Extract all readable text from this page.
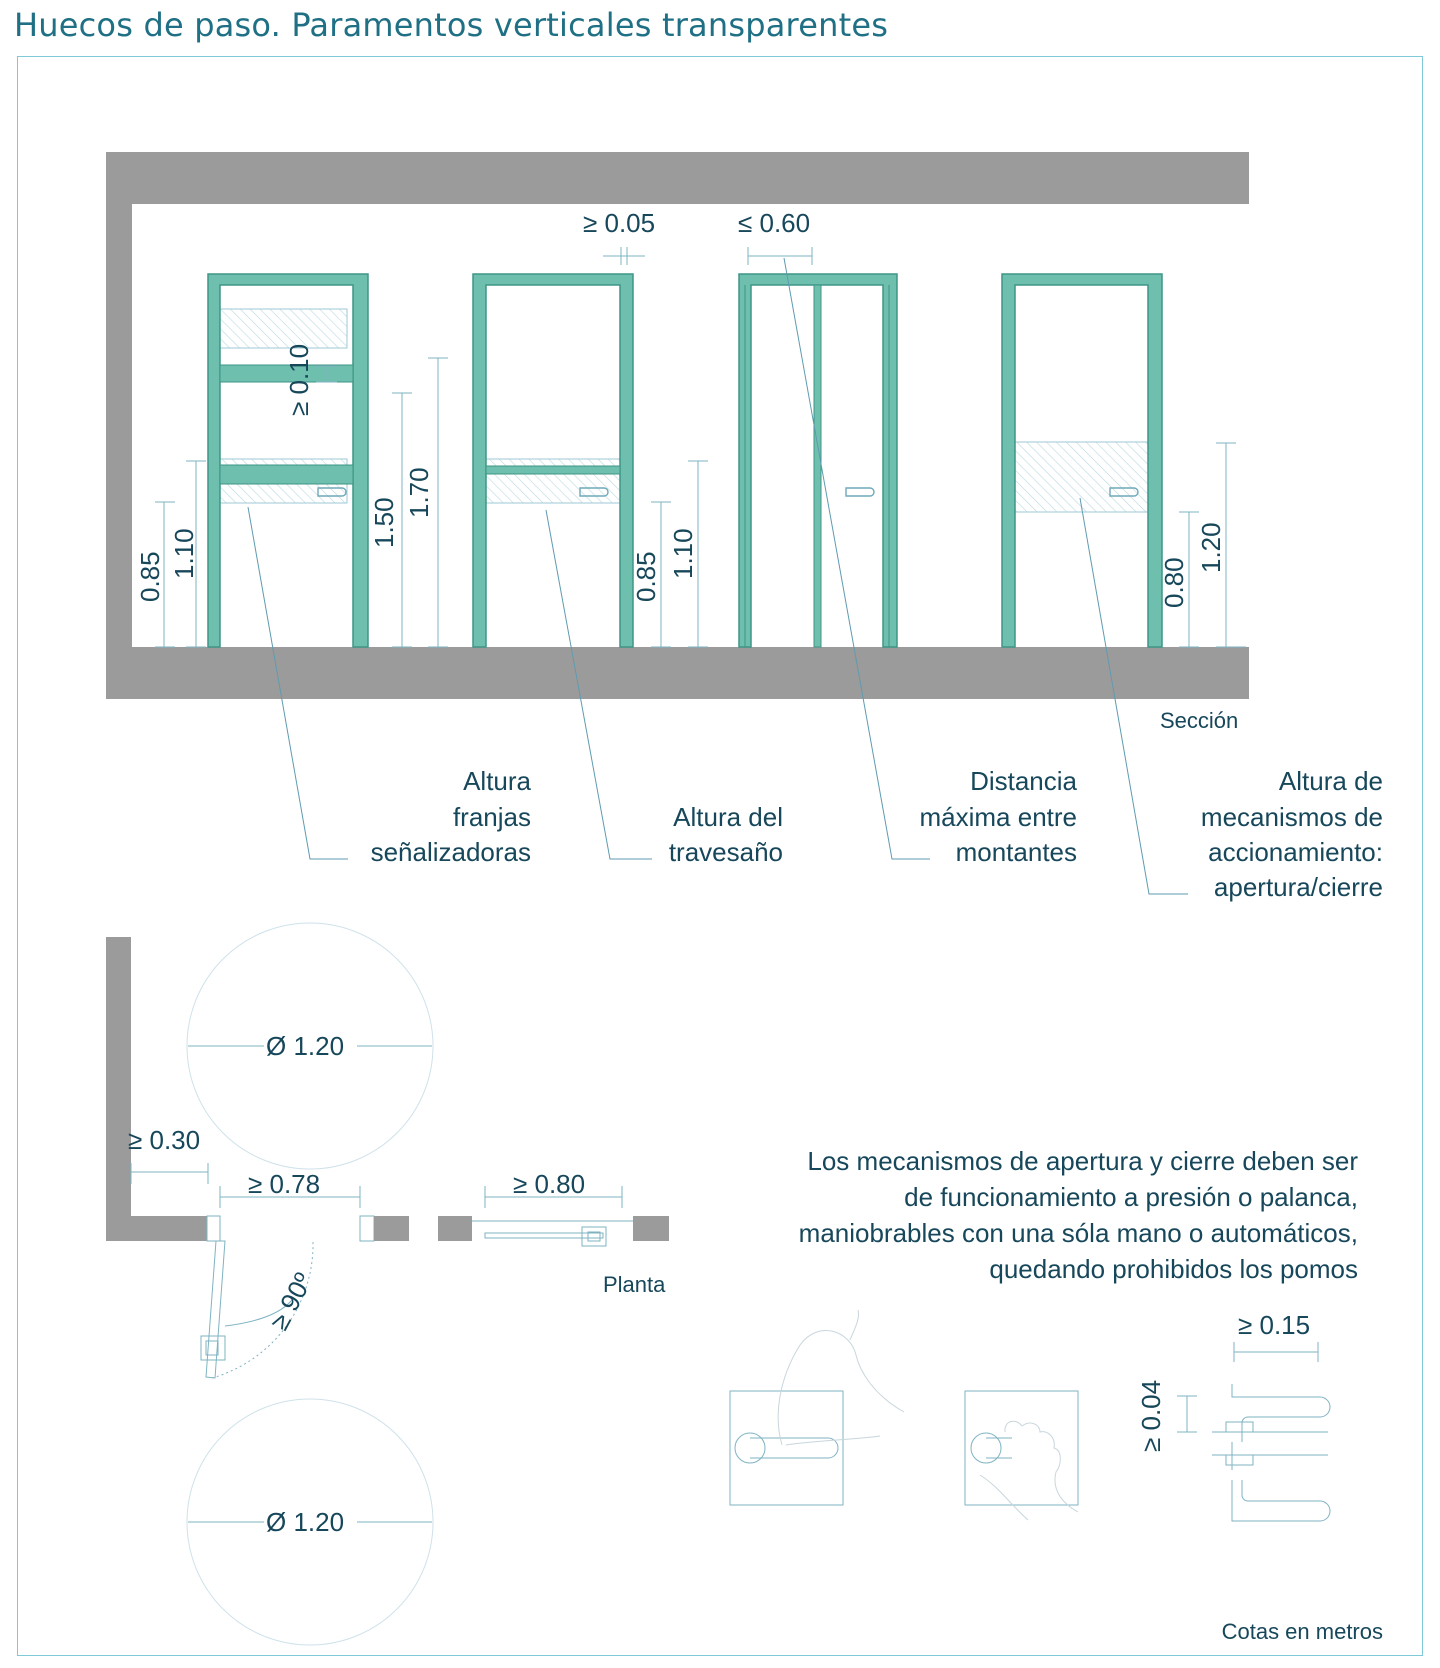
Huecos de paso. Paramentos verticales transparentes
≥ 0.10
0.85 1.10
1.50
1.70
≥ 0.05
0.85 1.10
≤ 0.60
0.80
1.20
Sección
Altura
franjas
señalizadoras
Altura del
travesaño
Distancia
máxima entre
montantes
Altura de
mecanismos de
accionamiento:
apertura/cierre
Ø 1.20
Ø 1.20
≥ 0.30
≥ 0.78	≥ 0.80
≥ 90º	Planta
Los mecanismos de apertura y cierre deben ser
de funcionamiento a presión o palanca,
maniobrables con una sóla mano o automáticos,
quedando prohibidos los pomos
≥ 0.15
≥ 0.04
Cotas en metros
